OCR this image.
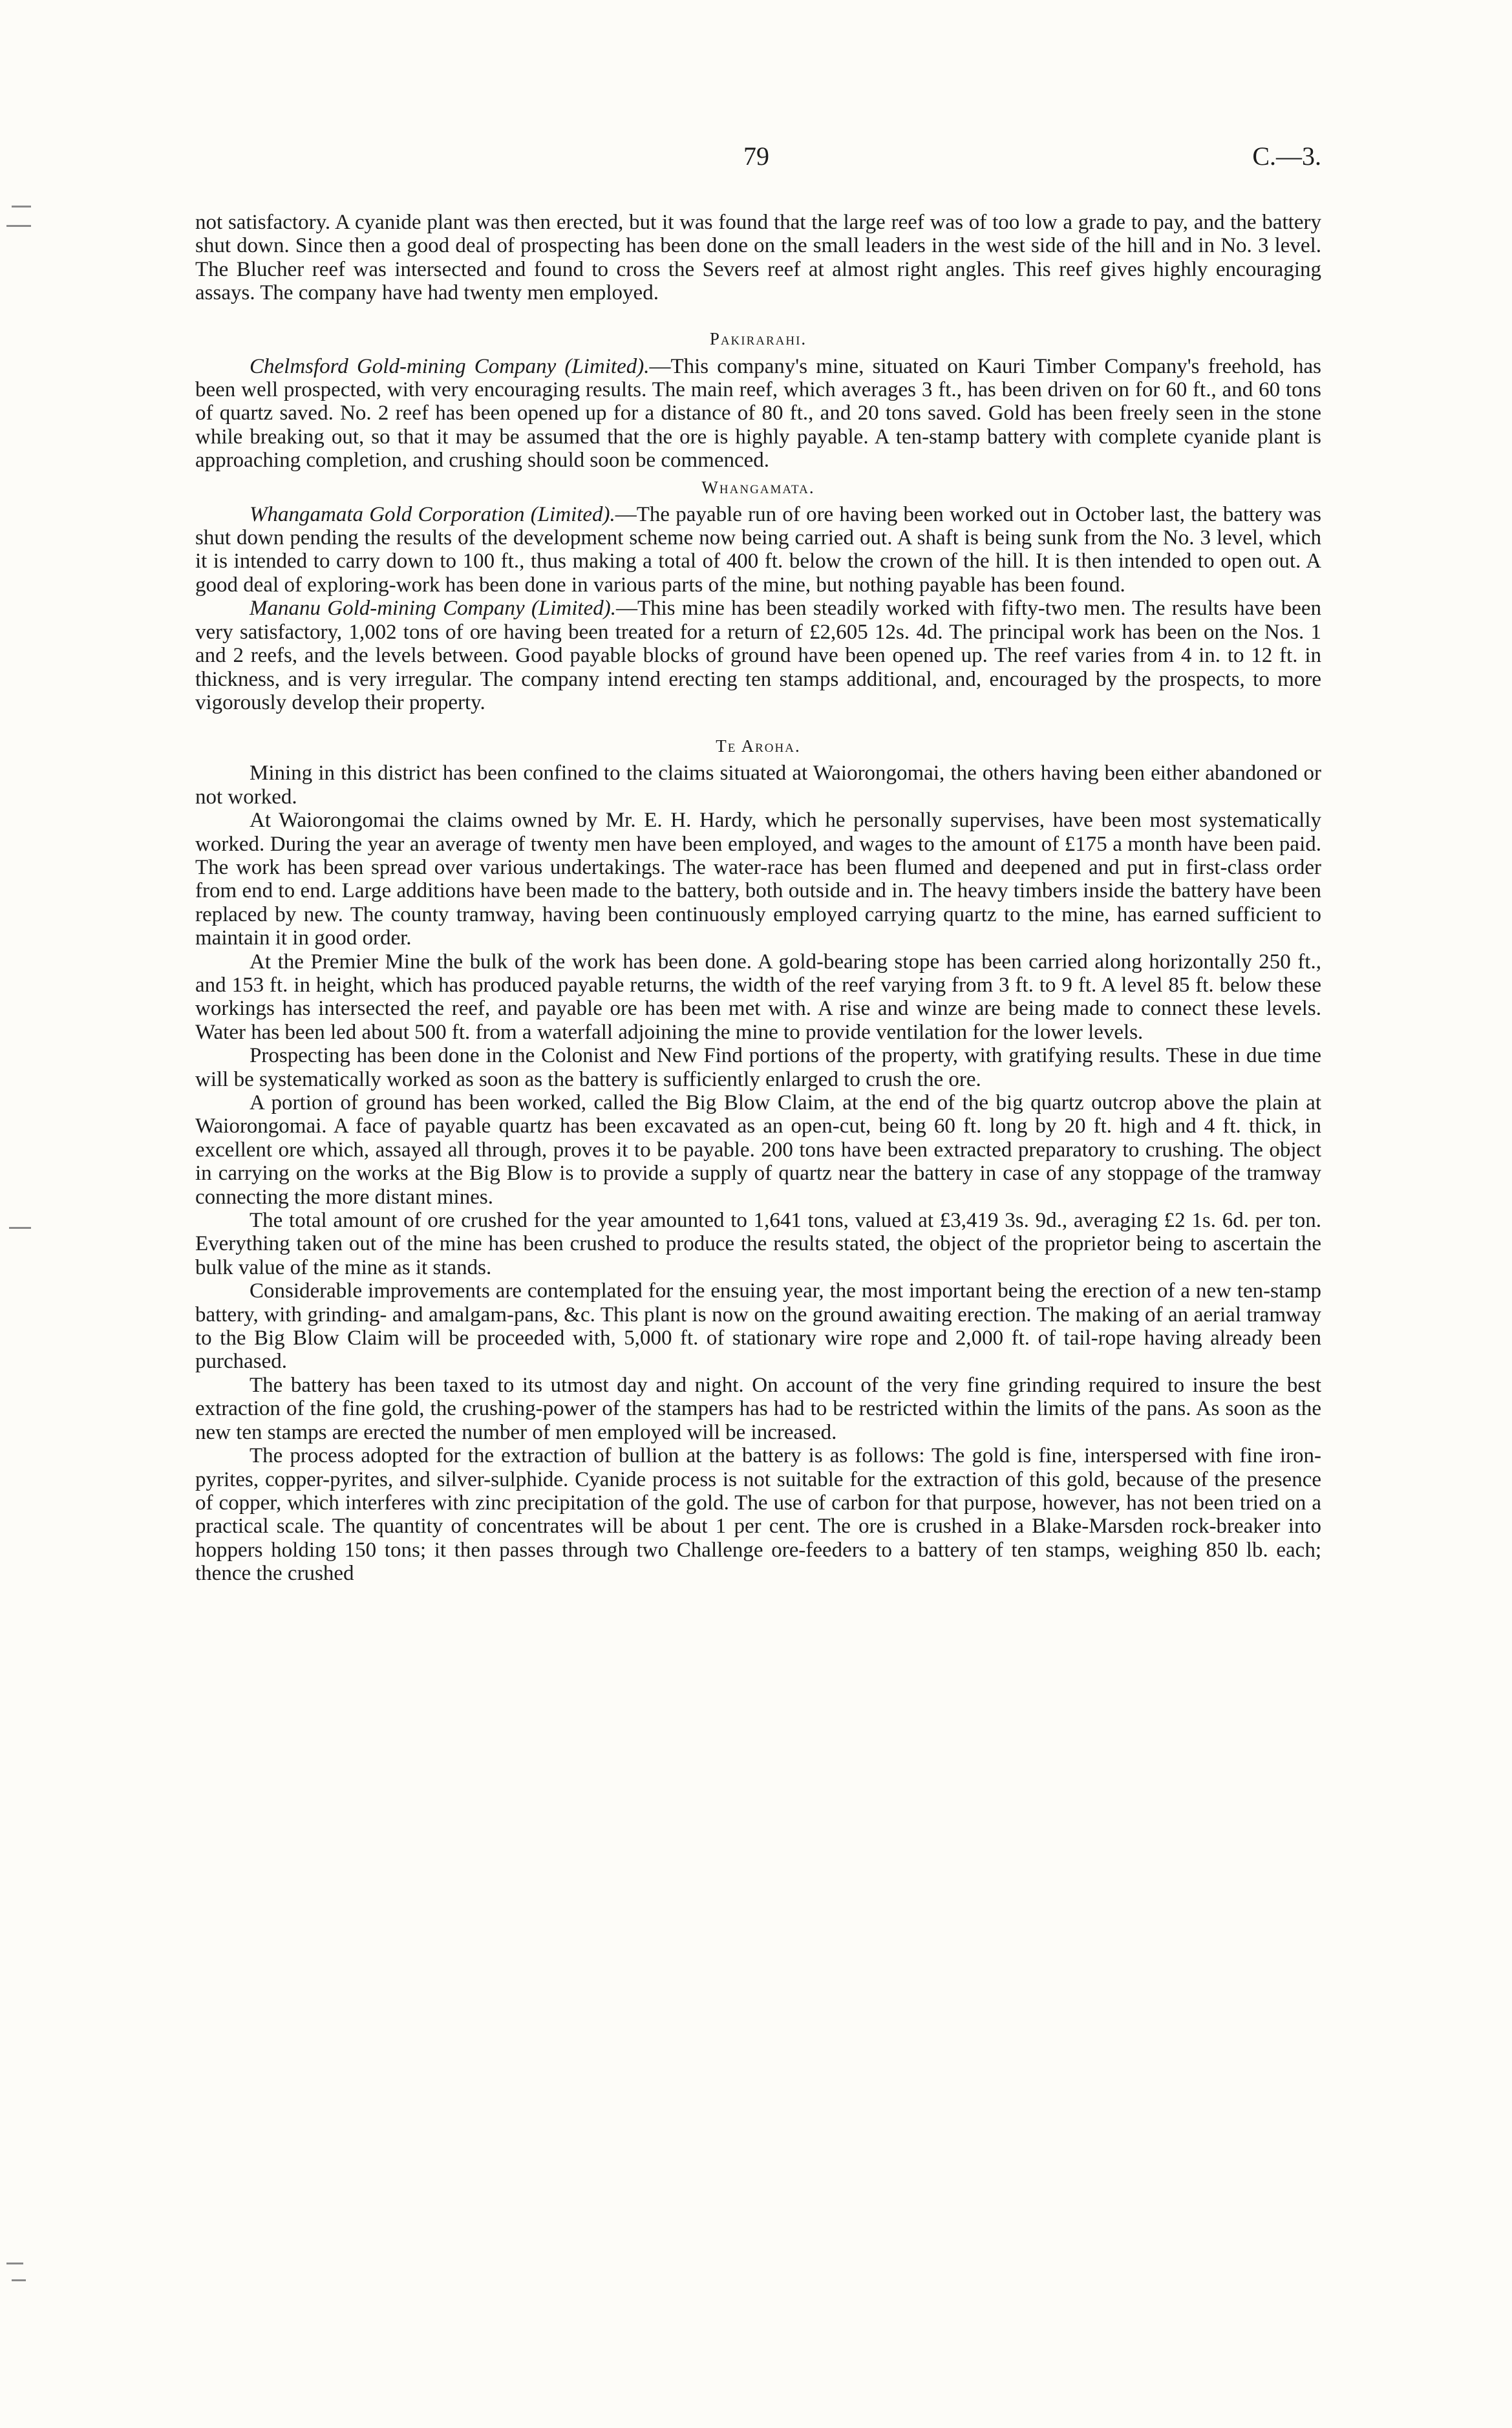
79	C.—3.

not satisfactory. A cyanide plant was then erected, but it was found that the large reef was of too low a grade to pay, and the battery shut down. Since then a good deal of prospecting has been done on the small leaders in the west side of the hill and in No. 3 level. The Blucher reef was intersected and found to cross the Severs reef at almost right angles. This reef gives highly encouraging assays. The company have had twenty men employed.

Pakirarahi.

Chelmsford Gold-mining Company (Limited).—This company's mine, situated on Kauri Timber Company's freehold, has been well prospected, with very encouraging results. The main reef, which averages 3 ft., has been driven on for 60 ft., and 60 tons of quartz saved. No. 2 reef has been opened up for a distance of 80 ft., and 20 tons saved. Gold has been freely seen in the stone while breaking out, so that it may be assumed that the ore is highly payable. A ten-stamp battery with complete cyanide plant is approaching completion, and crushing should soon be commenced.

Whangamata.

Whangamata Gold Corporation (Limited).—The payable run of ore having been worked out in October last, the battery was shut down pending the results of the development scheme now being carried out. A shaft is being sunk from the No. 3 level, which it is intended to carry down to 100 ft., thus making a total of 400 ft. below the crown of the hill. It is then intended to open out. A good deal of exploring-work has been done in various parts of the mine, but nothing payable has been found.

Mananu Gold-mining Company (Limited).—This mine has been steadily worked with fifty-two men. The results have been very satisfactory, 1,002 tons of ore having been treated for a return of £2,605 12s. 4d. The principal work has been on the Nos. 1 and 2 reefs, and the levels between. Good payable blocks of ground have been opened up. The reef varies from 4 in. to 12 ft. in thickness, and is very irregular. The company intend erecting ten stamps additional, and, encouraged by the prospects, to more vigorously develop their property.

Te Aroha.

Mining in this district has been confined to the claims situated at Waiorongomai, the others having been either abandoned or not worked.

At Waiorongomai the claims owned by Mr. E. H. Hardy, which he personally supervises, have been most systematically worked. During the year an average of twenty men have been employed, and wages to the amount of £175 a month have been paid. The work has been spread over various undertakings. The water-race has been flumed and deepened and put in first-class order from end to end. Large additions have been made to the battery, both outside and in. The heavy timbers inside the battery have been replaced by new. The county tramway, having been continuously employed carrying quartz to the mine, has earned sufficient to maintain it in good order.

At the Premier Mine the bulk of the work has been done. A gold-bearing stope has been carried along horizontally 250 ft., and 153 ft. in height, which has produced payable returns, the width of the reef varying from 3 ft. to 9 ft. A level 85 ft. below these workings has intersected the reef, and payable ore has been met with. A rise and winze are being made to connect these levels. Water has been led about 500 ft. from a waterfall adjoining the mine to provide ventilation for the lower levels.

Prospecting has been done in the Colonist and New Find portions of the property, with gratifying results. These in due time will be systematically worked as soon as the battery is sufficiently enlarged to crush the ore.

A portion of ground has been worked, called the Big Blow Claim, at the end of the big quartz outcrop above the plain at Waiorongomai. A face of payable quartz has been excavated as an open-cut, being 60 ft. long by 20 ft. high and 4 ft. thick, in excellent ore which, assayed all through, proves it to be payable. 200 tons have been extracted preparatory to crushing. The object in carrying on the works at the Big Blow is to provide a supply of quartz near the battery in case of any stoppage of the tramway connecting the more distant mines.

The total amount of ore crushed for the year amounted to 1,641 tons, valued at £3,419 3s. 9d., averaging £2 1s. 6d. per ton. Everything taken out of the mine has been crushed to produce the results stated, the object of the proprietor being to ascertain the bulk value of the mine as it stands.

Considerable improvements are contemplated for the ensuing year, the most important being the erection of a new ten-stamp battery, with grinding- and amalgam-pans, &c. This plant is now on the ground awaiting erection. The making of an aerial tramway to the Big Blow Claim will be proceeded with, 5,000 ft. of stationary wire rope and 2,000 ft. of tail-rope having already been purchased.

The battery has been taxed to its utmost day and night. On account of the very fine grinding required to insure the best extraction of the fine gold, the crushing-power of the stampers has had to be restricted within the limits of the pans. As soon as the new ten stamps are erected the number of men employed will be increased.

The process adopted for the extraction of bullion at the battery is as follows: The gold is fine, interspersed with fine iron-pyrites, copper-pyrites, and silver-sulphide. Cyanide process is not suitable for the extraction of this gold, because of the presence of copper, which interferes with zinc precipitation of the gold. The use of carbon for that purpose, however, has not been tried on a practical scale. The quantity of concentrates will be about 1 per cent. The ore is crushed in a Blake-Marsden rock-breaker into hoppers holding 150 tons; it then passes through two Challenge ore-feeders to a battery of ten stamps, weighing 850 lb. each; thence the crushed
